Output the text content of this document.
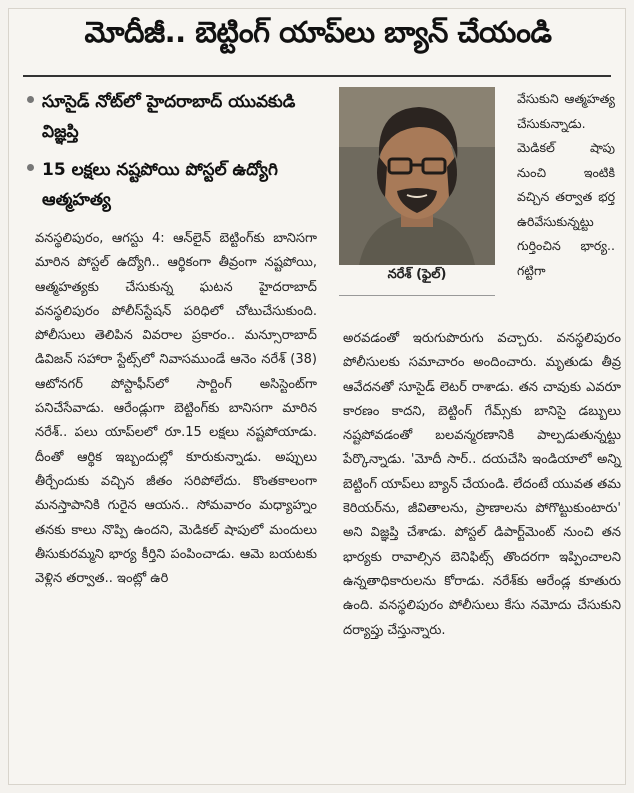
మోదీజీ.. బెట్టింగ్ యాప్‌లు బ్యాన్ చేయండి
సూసైడ్ నోట్‌లో హైదరాబాద్ యువకుడి విజ్ఞప్తి
15 లక్షలు నష్టపోయి పోస్టల్ ఉద్యోగి ఆత్మహత్య
నరేశ్ (ఫైల్)
వేసుకుని ఆత్మహత్య చేసుకున్నాడు. మెడికల్ షాపు నుంచి ఇంటికి వచ్చిన తర్వాత భర్త ఉరివేసుకున్నట్టు గుర్తించిన భార్య.. గట్టిగా
వనస్థలిపురం, ఆగస్టు 4: ఆన్‌లైన్ బెట్టింగ్‌కు బానిసగా మారిన పోస్టల్ ఉద్యోగి.. ఆర్థికంగా తీవ్రంగా నష్టపోయి, ఆత్మహత్యకు చేసుకున్న ఘటన హైదరాబాద్ వనస్థలిపురం పోలీస్‌స్టేషన్ పరిధిలో చోటుచేసుకుంది. పోలీసులు తెలిపిన వివరాల ప్రకారం.. మన్సూరాబాద్ డివిజన్ సహారా స్టేట్స్‌లో నివాసముండే ఆనెం నరేశ్ (38) ఆటోనగర్ పోస్టాఫీస్‌లో సార్టింగ్ అసిస్టెంట్‌గా పనిచేసేవాడు. ఆరేండ్లుగా బెట్టింగ్‌కు బానిసగా మారిన నరేశ్.. పలు యాప్‌లలో రూ.15 లక్షలు నష్టపోయాడు. దీంతో ఆర్థిక ఇబ్బందుల్లో కూరుకున్నాడు. అప్పులు తీర్చేందుకు వచ్చిన జీతం సరిపోలేదు. కొంతకాలంగా మనస్తాపానికి గురైన ఆయన.. సోమవారం మధ్యాహ్నం తనకు కాలు నొప్పి ఉందని, మెడికల్ షాపులో మందులు తీసుకురమ్మని భార్య కీర్తిని పంపించాడు. ఆమె బయటకు వెళ్లిన తర్వాత.. ఇంట్లో ఉరి
అరవడంతో ఇరుగుపొరుగు వచ్చారు. వనస్థలిపురం పోలీసులకు సమాచారం అందించారు. మృతుడు తీవ్ర ఆవేదనతో సూసైడ్ లెటర్ రాశాడు. తన చావుకు ఎవరూ కారణం కాదని, బెట్టింగ్ గేమ్స్‌కు బానిసై డబ్బులు నష్టపోవడంతో బలవన్మరణానికి పాల్పడుతున్నట్టు పేర్కొన్నాడు. 'మోదీ సార్.. దయచేసి ఇండియాలో అన్ని బెట్టింగ్ యాప్‌లు బ్యాన్ చేయండి. లేదంటే యువత తమ కెరియర్‌ను, జీవితాలను, ప్రాణాలను పోగొట్టుకుంటారు' అని విజ్ఞప్తి చేశాడు. పోస్టల్ డిపార్ట్‌మెంట్ నుంచి తన భార్యకు రావాల్సిన బెనిఫిట్స్ తొందరగా ఇప్పించాలని ఉన్నతాధికారులను కోరాడు. నరేశ్‌కు ఆరేండ్ల కూతురు ఉంది. వనస్థలిపురం పోలీసులు కేసు నమోదు చేసుకుని దర్యాప్తు చేస్తున్నారు.
